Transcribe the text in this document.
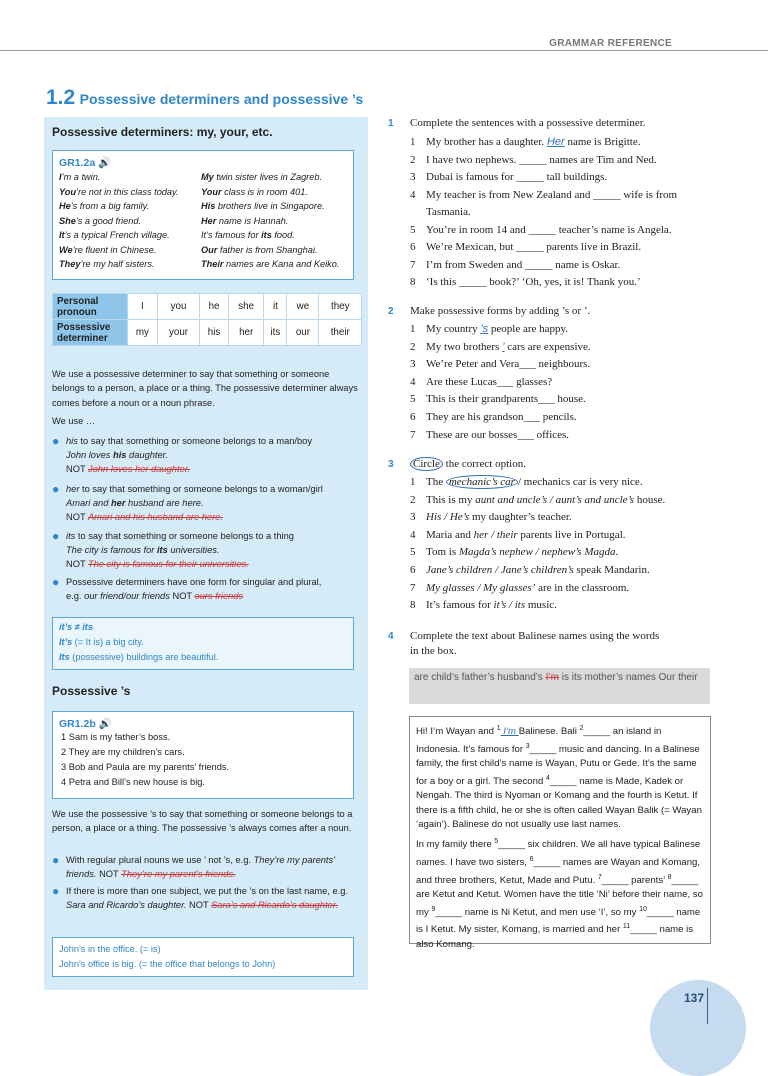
GRAMMAR REFERENCE
1.2 Possessive determiners and possessive ’s
Possessive determiners: my, your, etc.
GR1.2a 🔊
I’m a twin.
You’re not in this class today.
He’s from a big family.
She’s a good friend.
It’s a typical French village.
We’re fluent in Chinese.
They’re my half sisters.
My twin sister lives in Zagreb.
Your class is in room 401.
His brothers live in Singapore.
Her name is Hannah.
It’s famous for its food.
Our father is from Shanghai.
Their names are Kana and Keiko.
Personal pronoun	I	you	he	she	it	we	they
Possessive determiner	my	your	his	her	its	our	their
We use a possessive determiner to say that something or someone belongs to a person, a place or a thing. The possessive determiner always comes before a noun or a noun phrase.
We use …
● his to say that something or someone belongs to a man/boy
John loves his daughter.
NOT John loves her daughter.
● her to say that something or someone belongs to a woman/girl
Amari and her husband are here.
NOT Amari and his husband are here.
● its to say that something or someone belongs to a thing
The city is famous for its universities.
NOT The city is famous for their universities.
● Possessive determiners have one form for singular and plural,
e.g. our friend/our friends NOT ours friends
it’s ≠ its
It’s (= It is) a big city.
Its (possessive) buildings are beautiful.
Possessive ’s
GR1.2b 🔊
1 Sam is my father’s boss.
2 They are my children’s cars.
3 Bob and Paula are my parents’ friends.
4 Petra and Bill’s new house is big.
We use the possessive ’s to say that something or someone belongs to a person, a place or a thing. The possessive ’s always comes after a noun.
● With regular plural nouns we use ’ not ’s, e.g. They’re my parents’ friends. NOT They’re my parent’s friends.
● If there is more than one subject, we put the ’s on the last name, e.g. Sara and Ricardo’s daughter. NOT Sara’s and Ricardo’s daughter.
John’s in the office. (= is)
John’s office is big. (= the office that belongs to John)
1 Complete the sentences with a possessive determiner.
1 My brother has a daughter. Her name is Brigitte.
2 I have two nephews. _____ names are Tim and Ned.
3 Dubai is famous for _____ tall buildings.
4 My teacher is from New Zealand and _____ wife is from
Tasmania.
5 You’re in room 14 and _____ teacher’s name is Angela.
6 We’re Mexican, but _____ parents live in Brazil.
7 I’m from Sweden and _____ name is Oskar.
8 ‘Is this _____ book?’ ‘Oh, yes, it is! Thank you.’
2 Make possessive forms by adding ’s or ’.
1 My country ’s people are happy.
2 My two brothers ’ cars are expensive.
3 We’re Peter and Vera___ neighbours.
4 Are these Lucas___ glasses?
5 This is their grandparents___ house.
6 They are his grandson___ pencils.
7 These are our bosses___ offices.
3 Circle the correct option.
1 The mechanic’s car / mechanics car is very nice.
2 This is my aunt and uncle’s / aunt’s and uncle’s house.
3 His / He’s my daughter’s teacher.
4 Maria and her / their parents live in Portugal.
5 Tom is Magda’s nephew / nephew’s Magda.
6 Jane’s children / Jane’s children’s speak Mandarin.
7 My glasses / My glasses’ are in the classroom.
8 It’s famous for it’s / its music.
4 Complete the text about Balinese names using the words
in the box.
are child’s father’s husband’s I’m is its mother’s names Our their

Hi! I’m Wayan and $^1$ I’m Balinese. Bali $^2$_____ an island in Indonesia. It’s famous for $^3$_____ music and dancing. In a Balinese family, the first child’s name is Wayan, Putu or Gede. It’s the same for a boy or a girl. The second $^4$_____ name is Made, Kadek or Nengah. The third is Nyoman or Komang and the fourth is Ketut. If there is a fifth child, he or she is often called Wayan Balik (= Wayan ‘again’). Balinese do not usually use last names.

In my family there $^5$_____ six children. We all have typical Balinese names. I have two sisters, $^6$_____ names are Wayan and Komang, and three brothers, Ketut, Made and Putu. $^7$_____ parents’ $^8$_____ are Ketut and Ketut. Women have the title ‘Ni’ before their name, so my $^9$_____ name is Ni Ketut, and men use ‘I’, so my $^{10}$_____ name is I Ketut. My sister, Komang, is married and her $^{11}$_____ name is also Komang.

137
